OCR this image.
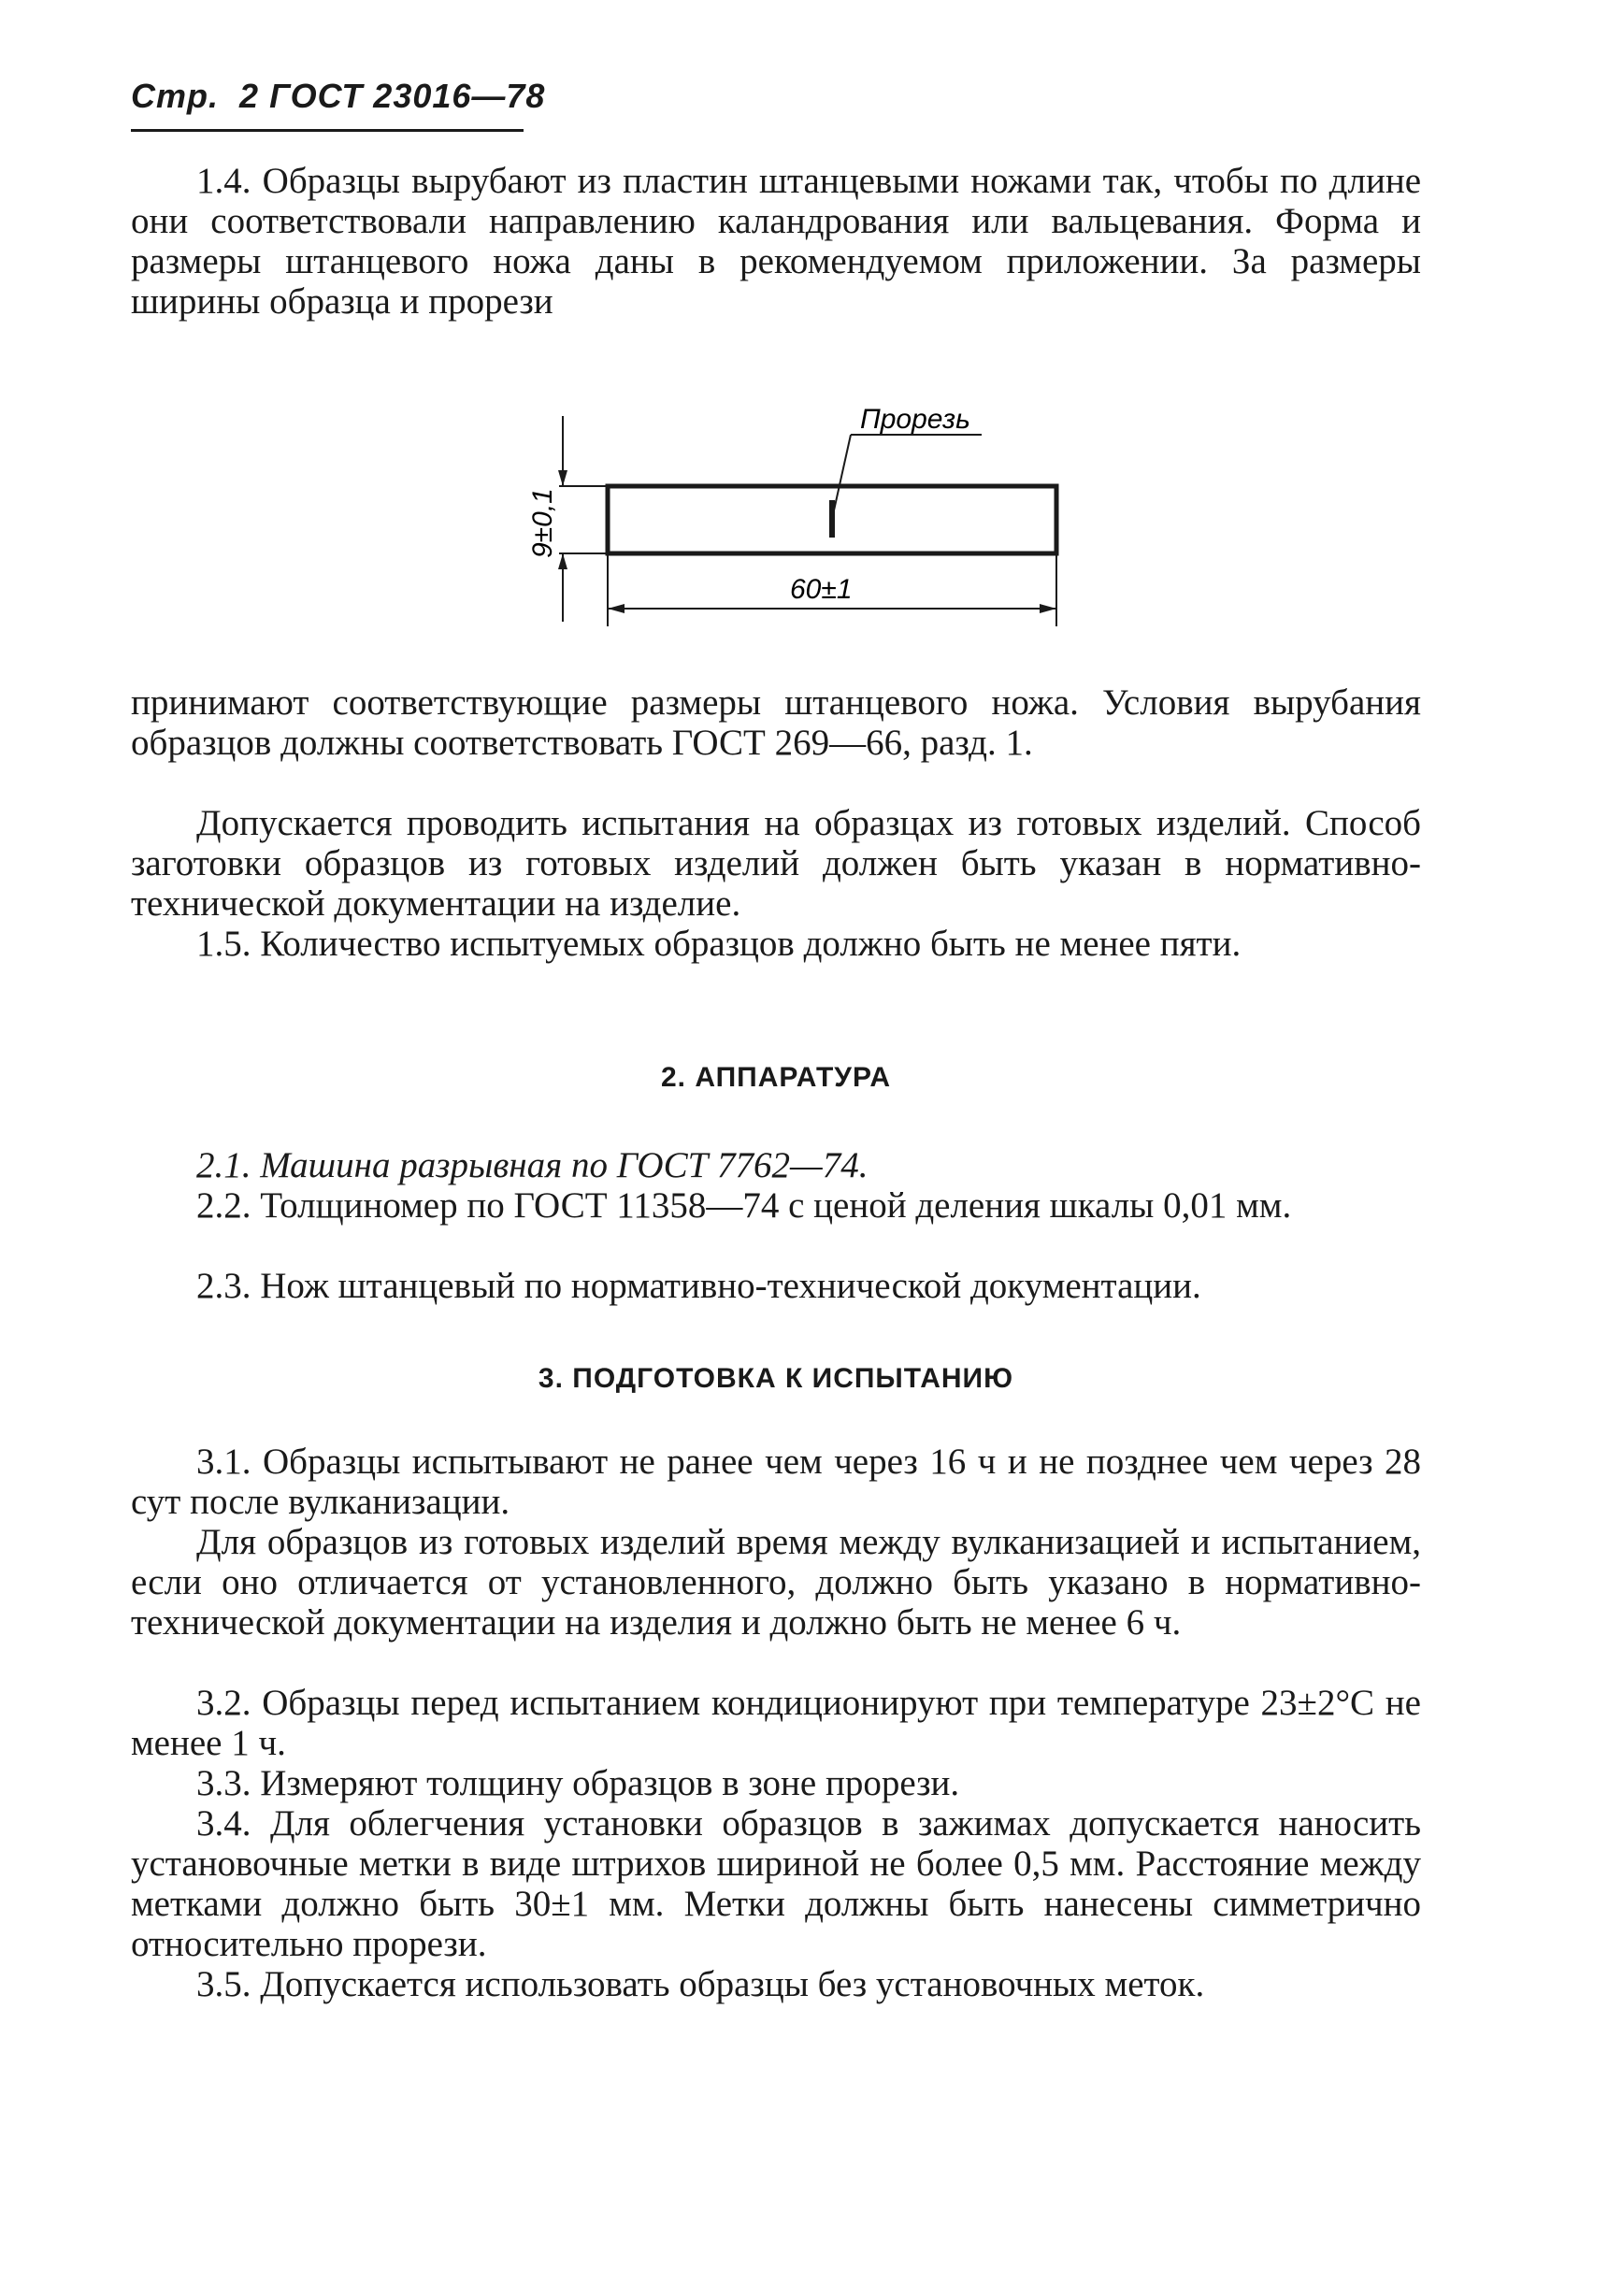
Стр. 2 ГОСТ 23016—78

1.4. Образцы вырубают из пластин штанцевыми ножами так, чтобы по длине они соответствовали направлению каландрования или вальцевания. Форма и размеры штанцевого ножа даны в рекомендуемом приложении. За размеры ширины образца и прорези

Прорезь
9±0,1
60±1

принимают соответствующие размеры штанцевого ножа. Условия вырубания образцов должны соответствовать ГОСТ 269—66, разд. 1.

Допускается проводить испытания на образцах из готовых изделий. Способ заготовки образцов из готовых изделий должен быть указан в нормативно-технической документации на изделие.

1.5. Количество испытуемых образцов должно быть не менее пяти.

2. АППАРАТУРА

2.1. Машина разрывная по ГОСТ 7762—74.

2.2. Толщиномер по ГОСТ 11358—74 с ценой деления шкалы 0,01 мм.

2.3. Нож штанцевый по нормативно-технической документации.

3. ПОДГОТОВКА К ИСПЫТАНИЮ

3.1. Образцы испытывают не ранее чем через 16 ч и не позднее чем через 28 сут после вулканизации.

Для образцов из готовых изделий время между вулканизацией и испытанием, если оно отличается от установленного, должно быть указано в нормативно-технической документации на изделия и должно быть не менее 6 ч.

3.2. Образцы перед испытанием кондиционируют при температуре 23±2°С не менее 1 ч.

3.3. Измеряют толщину образцов в зоне прорези.

3.4. Для облегчения установки образцов в зажимах допускается наносить установочные метки в виде штрихов шириной не более 0,5 мм. Расстояние между метками должно быть 30±1 мм. Метки должны быть нанесены симметрично относительно прорези.

3.5. Допускается использовать образцы без установочных меток.
